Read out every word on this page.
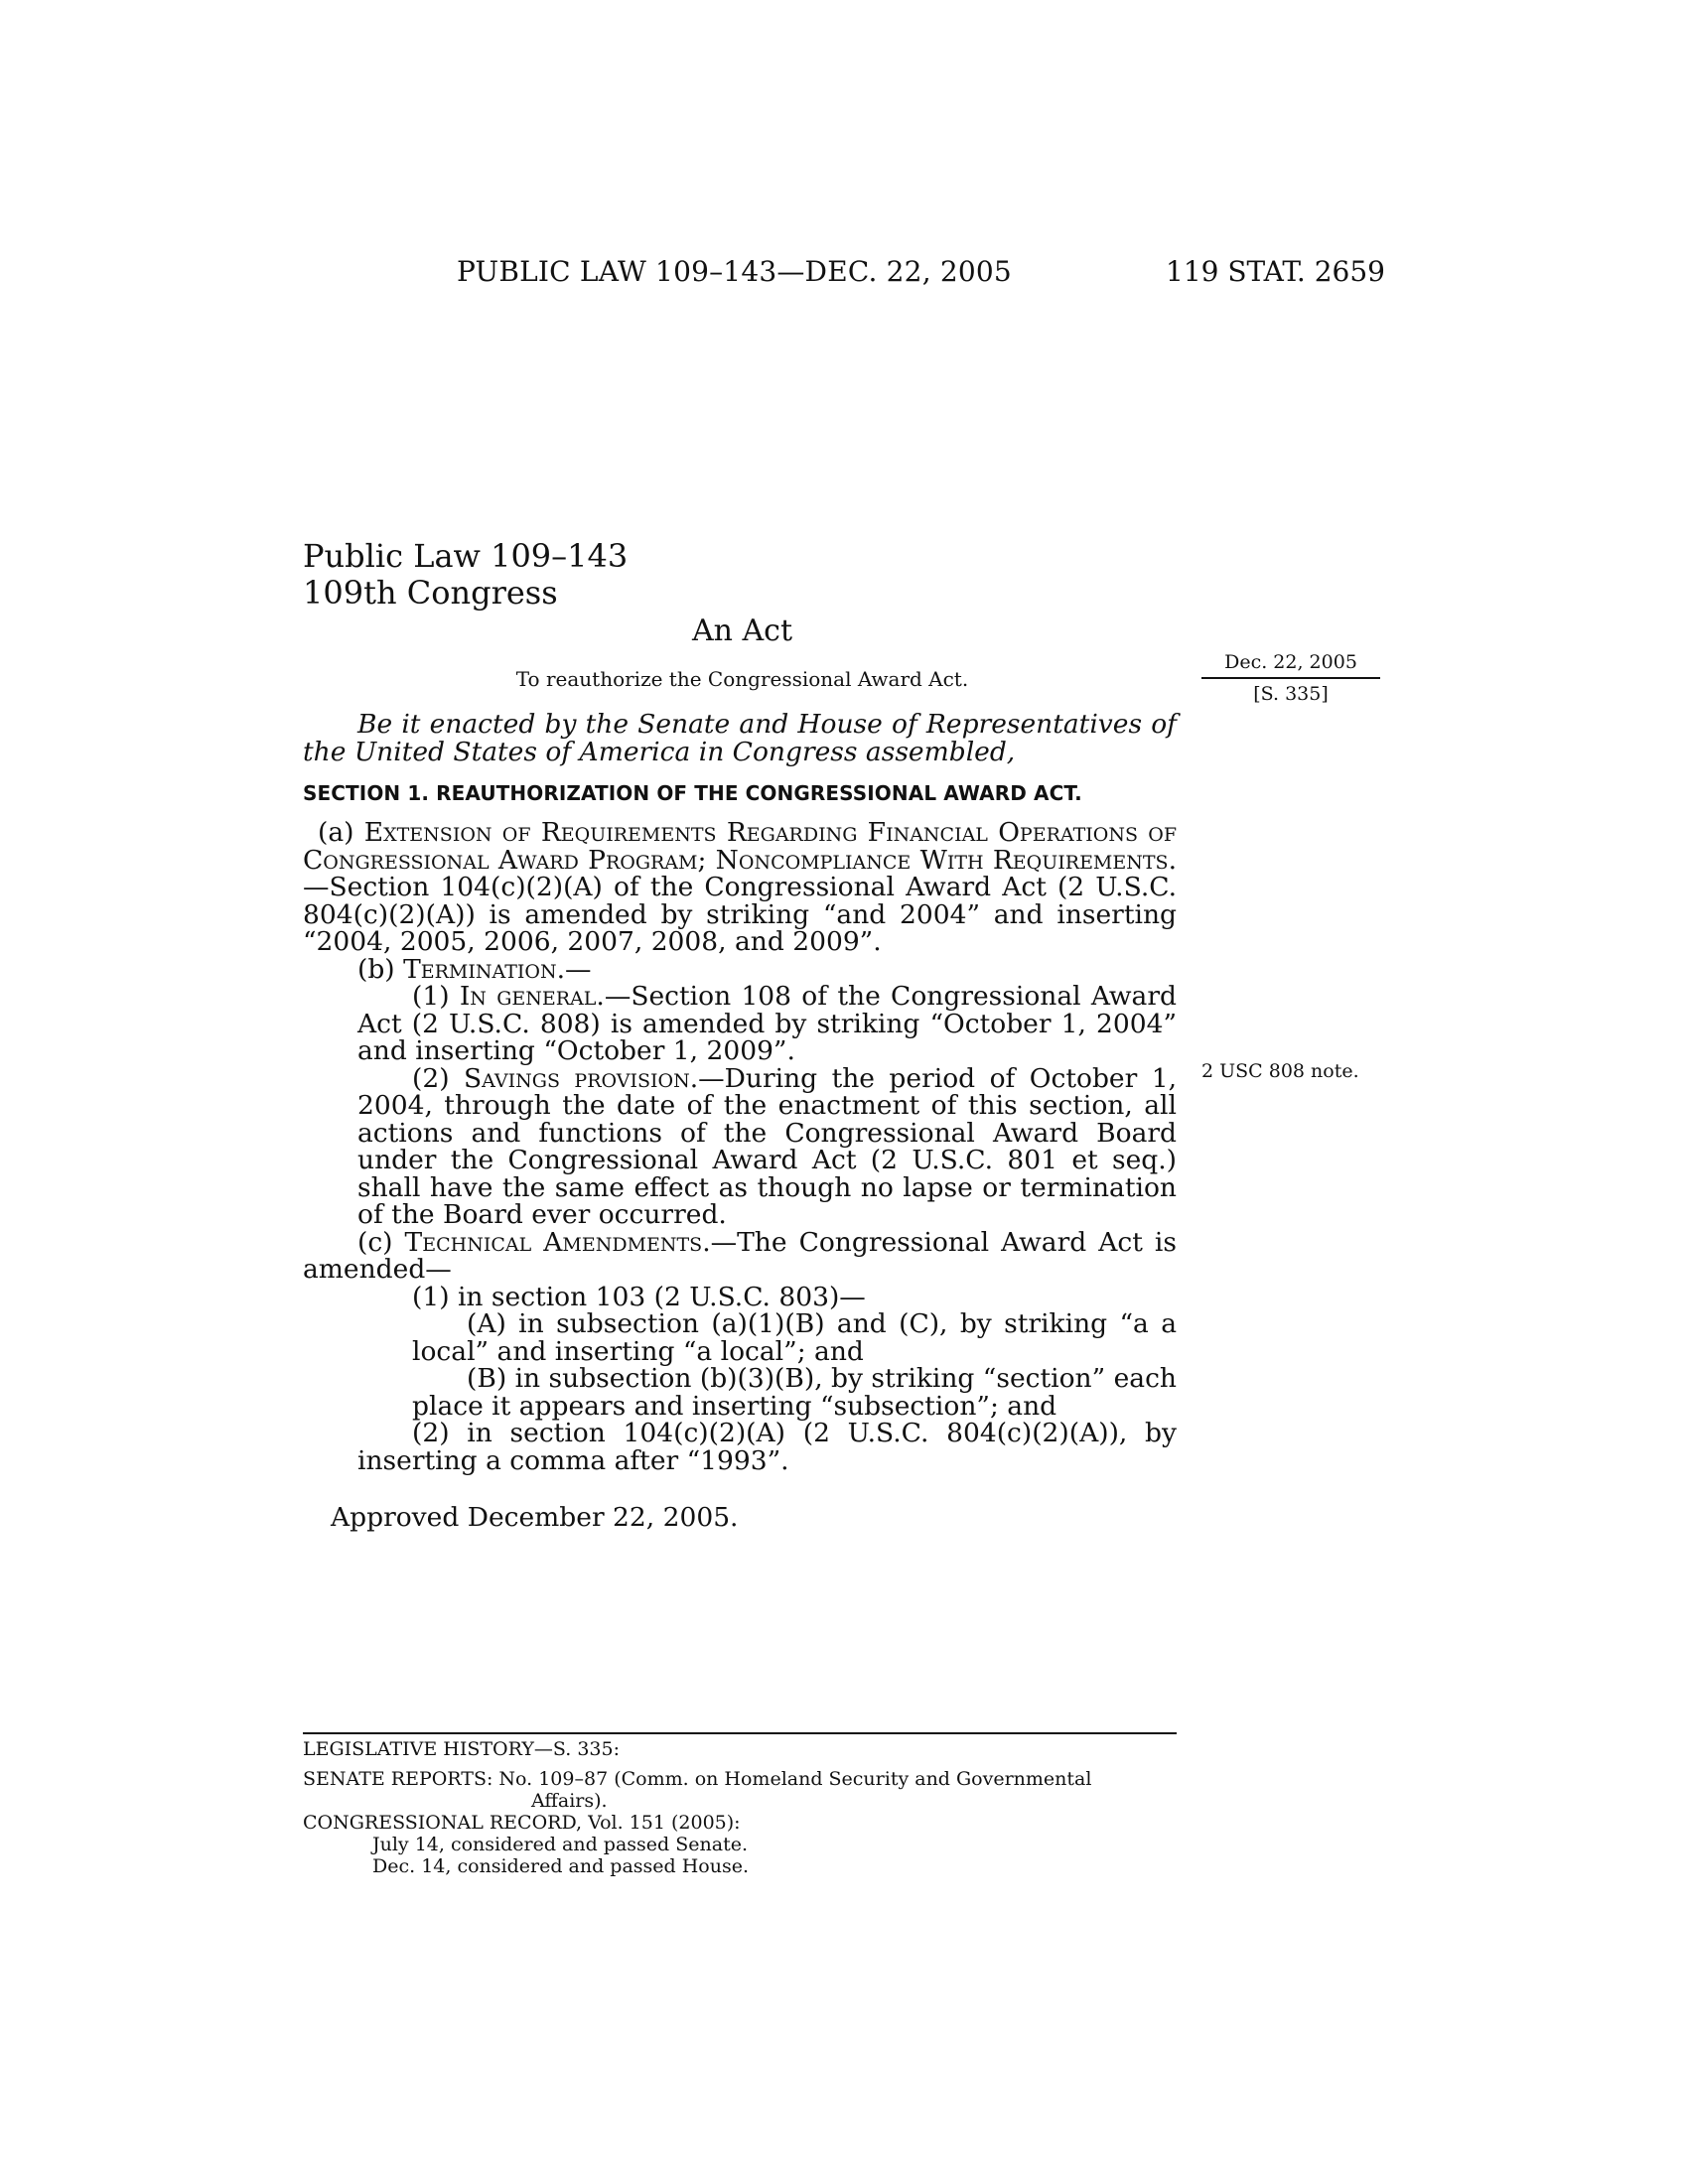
PUBLIC LAW 109–143—DEC. 22, 2005	119 STAT. 2659
Public Law 109–143
109th Congress
An Act
To reauthorize the Congressional Award Act.
Dec. 22, 2005
[S. 335]

Be it enacted by the Senate and House of Representatives of the United States of America in Congress assembled,

SECTION 1. REAUTHORIZATION OF THE CONGRESSIONAL AWARD ACT.

(a) Extension of Requirements Regarding Financial Operations of Congressional Award Program; Noncompliance With Requirements.—Section 104(c)(2)(A) of the Congressional Award Act (2 U.S.C. 804(c)(2)(A)) is amended by striking “and 2004” and inserting “2004, 2005, 2006, 2007, 2008, and 2009”.

(b) Termination.—

(1) In general.—Section 108 of the Congressional Award Act (2 U.S.C. 808) is amended by striking “October 1, 2004” and inserting “October 1, 2009”.

(2) Savings provision.—During the period of October 1, 2004, through the date of the enactment of this section, all actions and functions of the Congressional Award Board under the Congressional Award Act (2 U.S.C. 801 et seq.) shall have the same effect as though no lapse or termination of the Board ever occurred.

(c) Technical Amendments.—The Congressional Award Act is amended—

(1) in section 103 (2 U.S.C. 803)—

(A) in subsection (a)(1)(B) and (C), by striking “a a local” and inserting “a local”; and

(B) in subsection (b)(3)(B), by striking “section” each place it appears and inserting “subsection”; and

(2) in section 104(c)(2)(A) (2 U.S.C. 804(c)(2)(A)), by inserting a comma after “1993”.

2 USC 808 note.
Approved December 22, 2005.

LEGISLATIVE HISTORY—S. 335:

SENATE REPORTS: No. 109–87 (Comm. on Homeland Security and Governmental

Affairs).

CONGRESSIONAL RECORD, Vol. 151 (2005):

July 14, considered and passed Senate.

Dec. 14, considered and passed House.
